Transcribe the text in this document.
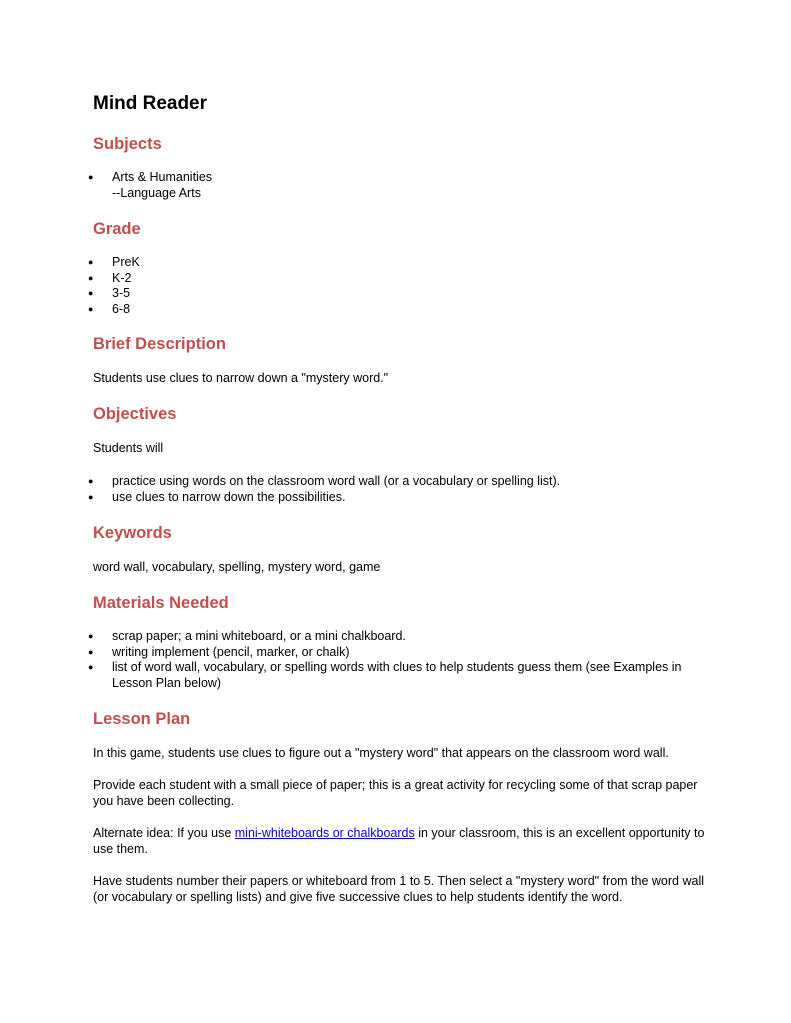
Mind Reader
Subjects
●	Arts & Humanities
--Language Arts
Grade
●	PreK
●	K-2
●	3-5
●	6-8
Brief Description

Students use clues to narrow down a "mystery word."

Objectives

Students will

●	practice using words on the classroom word wall (or a vocabulary or spelling list).
●	use clues to narrow down the possibilities.
Keywords

word wall, vocabulary, spelling, mystery word, game

Materials Needed
●	scrap paper; a mini whiteboard, or a mini chalkboard.
●	writing implement (pencil, marker, or chalk)
●	list of word wall, vocabulary, or spelling words with clues to help students guess them (see Examples in Lesson Plan below)
Lesson Plan

In this game, students use clues to figure out a "mystery word" that appears on the classroom word wall.

Provide each student with a small piece of paper; this is a great activity for recycling some of that scrap paper you have been collecting.

Alternate idea: If you use mini-whiteboards or chalkboards in your classroom, this is an excellent opportunity to use them.

Have students number their papers or whiteboard from 1 to 5. Then select a "mystery word" from the word wall (or vocabulary or spelling lists) and give five successive clues to help students identify the word.
